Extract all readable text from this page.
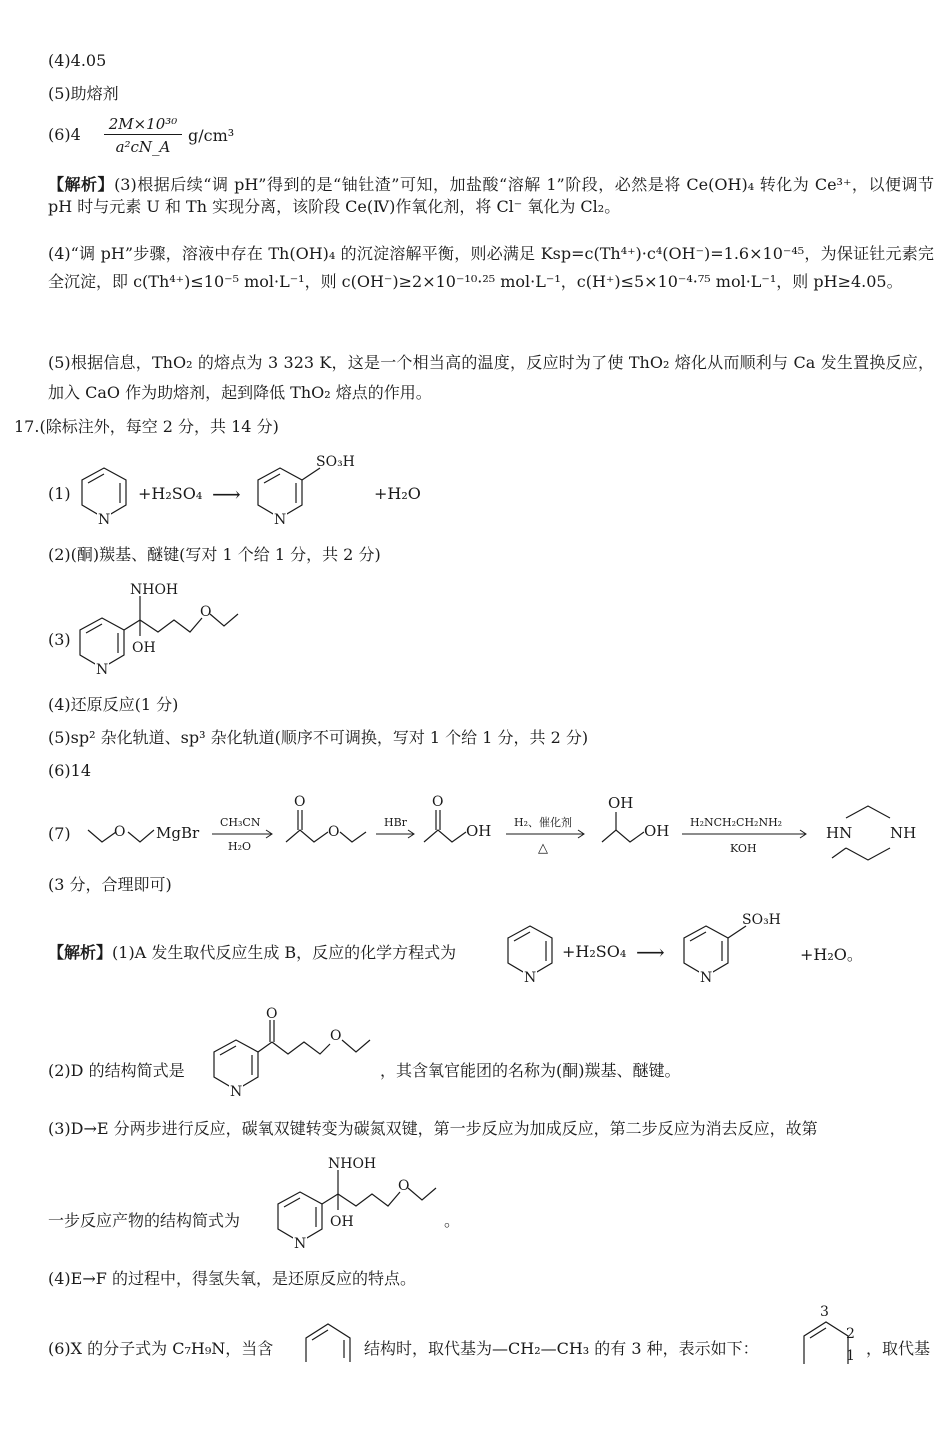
(4)4.05
(5)助熔剂
(6)4
2M×10³⁰
a²cN_A
g/cm³
【解析】(3)根据后续“调 pH”得到的是“铀钍渣”可知，加盐酸“溶解 1”阶段，必然是将 Ce(OH)₄ 转化为 Ce³⁺，以便调节 pH 时与元素 U 和 Th 实现分离，该阶段 Ce(Ⅳ)作氧化剂，将 Cl⁻ 氧化为 Cl₂。
(4)“调 pH”步骤，溶液中存在 Th(OH)₄ 的沉淀溶解平衡，则必满足 Ksp=c(Th⁴⁺)·c⁴(OH⁻)=1.6×10⁻⁴⁵，为保证钍元素完全沉淀，即 c(Th⁴⁺)≤10⁻⁵ mol·L⁻¹，则 c(OH⁻)≥2×10⁻¹⁰·²⁵ mol·L⁻¹，c(H⁺)≤5×10⁻⁴·⁷⁵ mol·L⁻¹，则 pH≥4.05。
(5)根据信息，ThO₂ 的熔点为 3 323 K，这是一个相当高的温度，反应时为了使 ThO₂ 熔化从而顺利与 Ca 发生置换反应，加入 CaO 作为助熔剂，起到降低 ThO₂ 熔点的作用。
17.(除标注外，每空 2 分，共 14 分)
(1)
N
+H₂SO₄ ⟶
N
SO₃H
+H₂O
(2)(酮)羰基、醚键(写对 1 个给 1 分，共 2 分)
(3)
N
NHOH
OH
O
(4)还原反应(1 分)
(5)sp² 杂化轨道、sp³ 杂化轨道(顺序不可调换，写对 1 个给 1 分，共 2 分)
(6)14
(7)	O MgBr
CH₃CN
H₂O
O
O
HBr
O
OH H₂、催化剂
△
OH
OH H₂NCH₂CH₂NH₂
KOH
HN	NH
(3 分，合理即可)
【解析】(1)A 发生取代反应生成 B，反应的化学方程式为
N
+H₂SO₄ ⟶
N
SO₃H
+H₂O。
(2)D 的结构简式是
N
O
O
，其含氧官能团的名称为(酮)羰基、醚键。
(3)D→E 分两步进行反应，碳氧双键转变为碳氮双键，第一步反应为加成反应，第二步反应为消去反应，故第
一步反应产物的结构简式为
N
NHOH
OH
O
。
(4)E→F 的过程中，得氢失氧，是还原反应的特点。
(6)X 的分子式为 C₇H₉N，当含	结构时，取代基为—CH₂—CH₃ 的有 3 种，表示如下：
3
2
1 ，取代基
